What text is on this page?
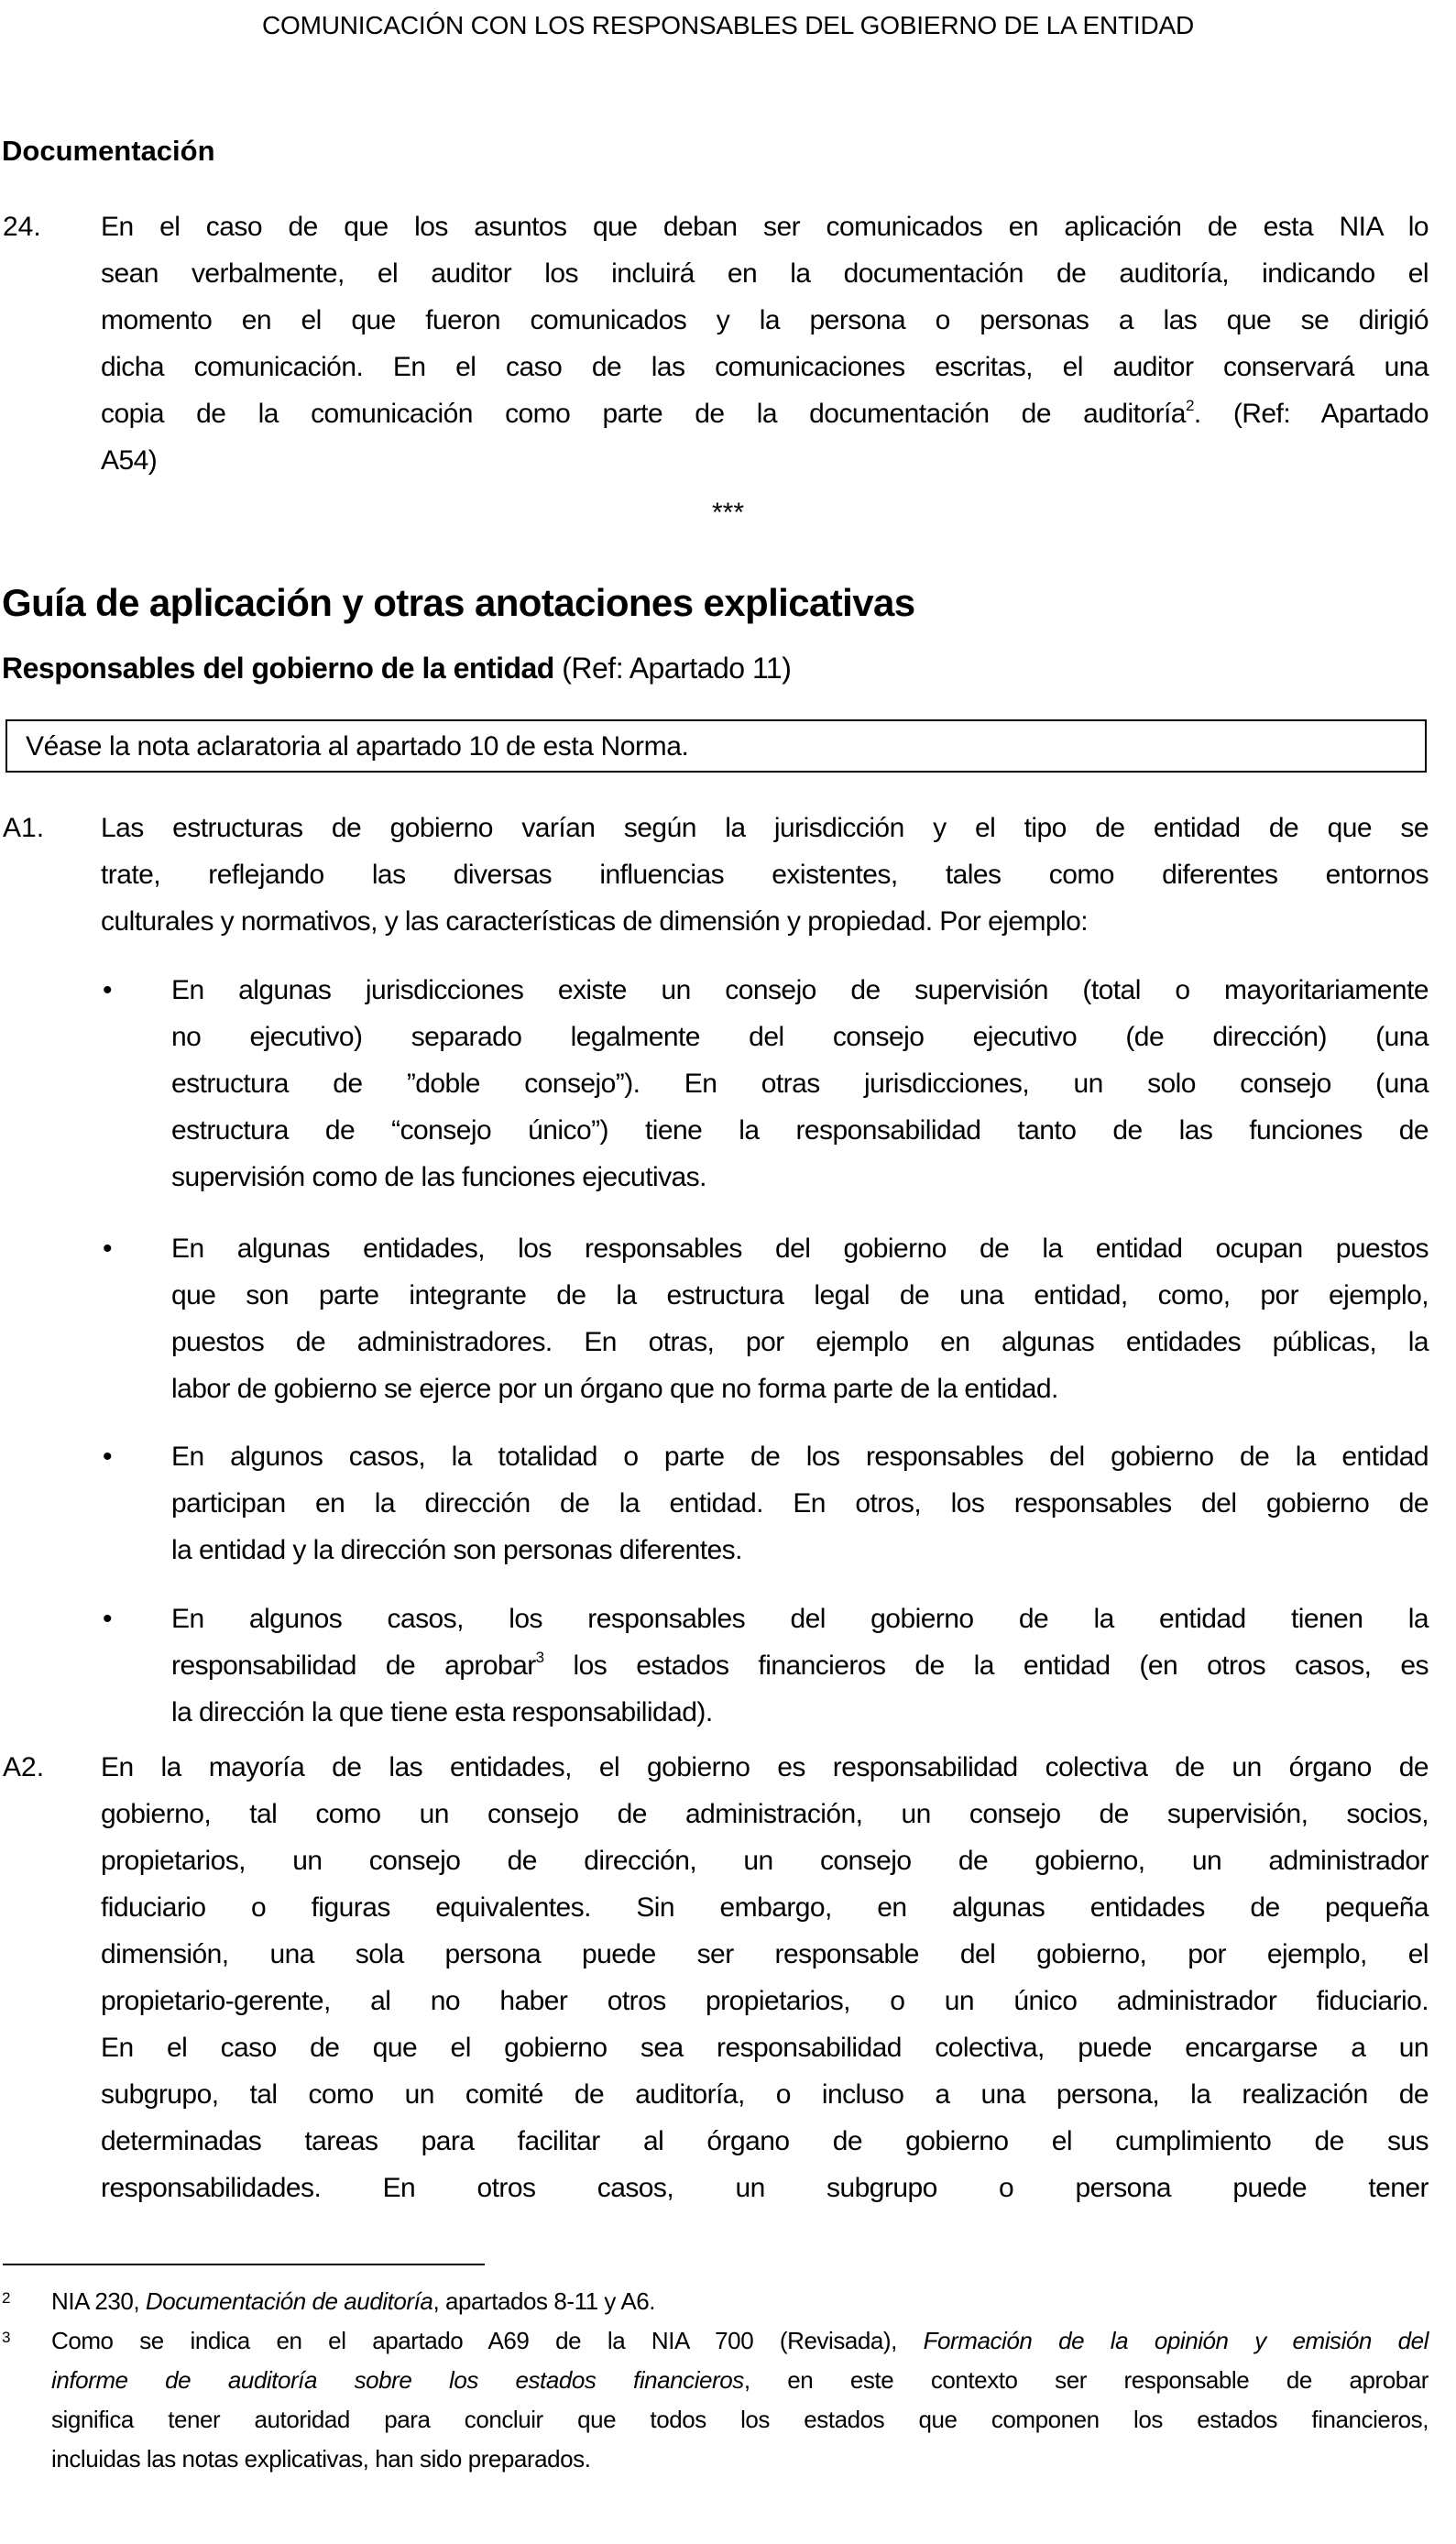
COMUNICACIÓN CON LOS RESPONSABLES DEL GOBIERNO DE LA ENTIDAD
Documentación
24. En el caso de que los asuntos que deban ser comunicados en aplicación de esta NIA lo
sean verbalmente, el auditor los incluirá en la documentación de auditoría, indicando el
momento en el que fueron comunicados y la persona o personas a las que se dirigió
dicha comunicación. En el caso de las comunicaciones escritas, el auditor conservará una
copia de la comunicación como parte de la documentación de auditoría$^2$. (Ref: Apartado
A54)
***
Guía de aplicación y otras anotaciones explicativas
Responsables del gobierno de la entidad (Ref: Apartado 11)
Véase la nota aclaratoria al apartado 10 de esta Norma.
A1. Las estructuras de gobierno varían según la jurisdicción y el tipo de entidad de que se
trate, reflejando las diversas influencias existentes, tales como diferentes entornos
culturales y normativos, y las características de dimensión y propiedad. Por ejemplo:
• En algunas jurisdicciones existe un consejo de supervisión (total o mayoritariamente
no ejecutivo) separado legalmente del consejo ejecutivo (de dirección) (una
estructura de ”doble consejo”). En otras jurisdicciones, un solo consejo (una
estructura de “consejo único”) tiene la responsabilidad tanto de las funciones de
supervisión como de las funciones ejecutivas.
• En algunas entidades, los responsables del gobierno de la entidad ocupan puestos
que son parte integrante de la estructura legal de una entidad, como, por ejemplo,
puestos de administradores. En otras, por ejemplo en algunas entidades públicas, la
labor de gobierno se ejerce por un órgano que no forma parte de la entidad.
• En algunos casos, la totalidad o parte de los responsables del gobierno de la entidad
participan en la dirección de la entidad. En otros, los responsables del gobierno de
la entidad y la dirección son personas diferentes.
• En algunos casos, los responsables del gobierno de la entidad tienen la
responsabilidad de aprobar$^3$ los estados financieros de la entidad (en otros casos, es
la dirección la que tiene esta responsabilidad).
A2. En la mayoría de las entidades, el gobierno es responsabilidad colectiva de un órgano de
gobierno, tal como un consejo de administración, un consejo de supervisión, socios,
propietarios, un consejo de dirección, un consejo de gobierno, un administrador
fiduciario o figuras equivalentes. Sin embargo, en algunas entidades de pequeña
dimensión, una sola persona puede ser responsable del gobierno, por ejemplo, el
propietario-gerente, al no haber otros propietarios, o un único administrador fiduciario.
En el caso de que el gobierno sea responsabilidad colectiva, puede encargarse a un
subgrupo, tal como un comité de auditoría, o incluso a una persona, la realización de
determinadas tareas para facilitar al órgano de gobierno el cumplimiento de sus
responsabilidades. En otros casos, un subgrupo o persona puede tener
2 NIA 230, Documentación de auditoría, apartados 8-11 y A6.
3 Como se indica en el apartado A69 de la NIA 700 (Revisada), Formación de la opinión y emisión del
informe de auditoría sobre los estados financieros, en este contexto ser responsable de aprobar
significa tener autoridad para concluir que todos los estados que componen los estados financieros,
incluidas las notas explicativas, han sido preparados.
